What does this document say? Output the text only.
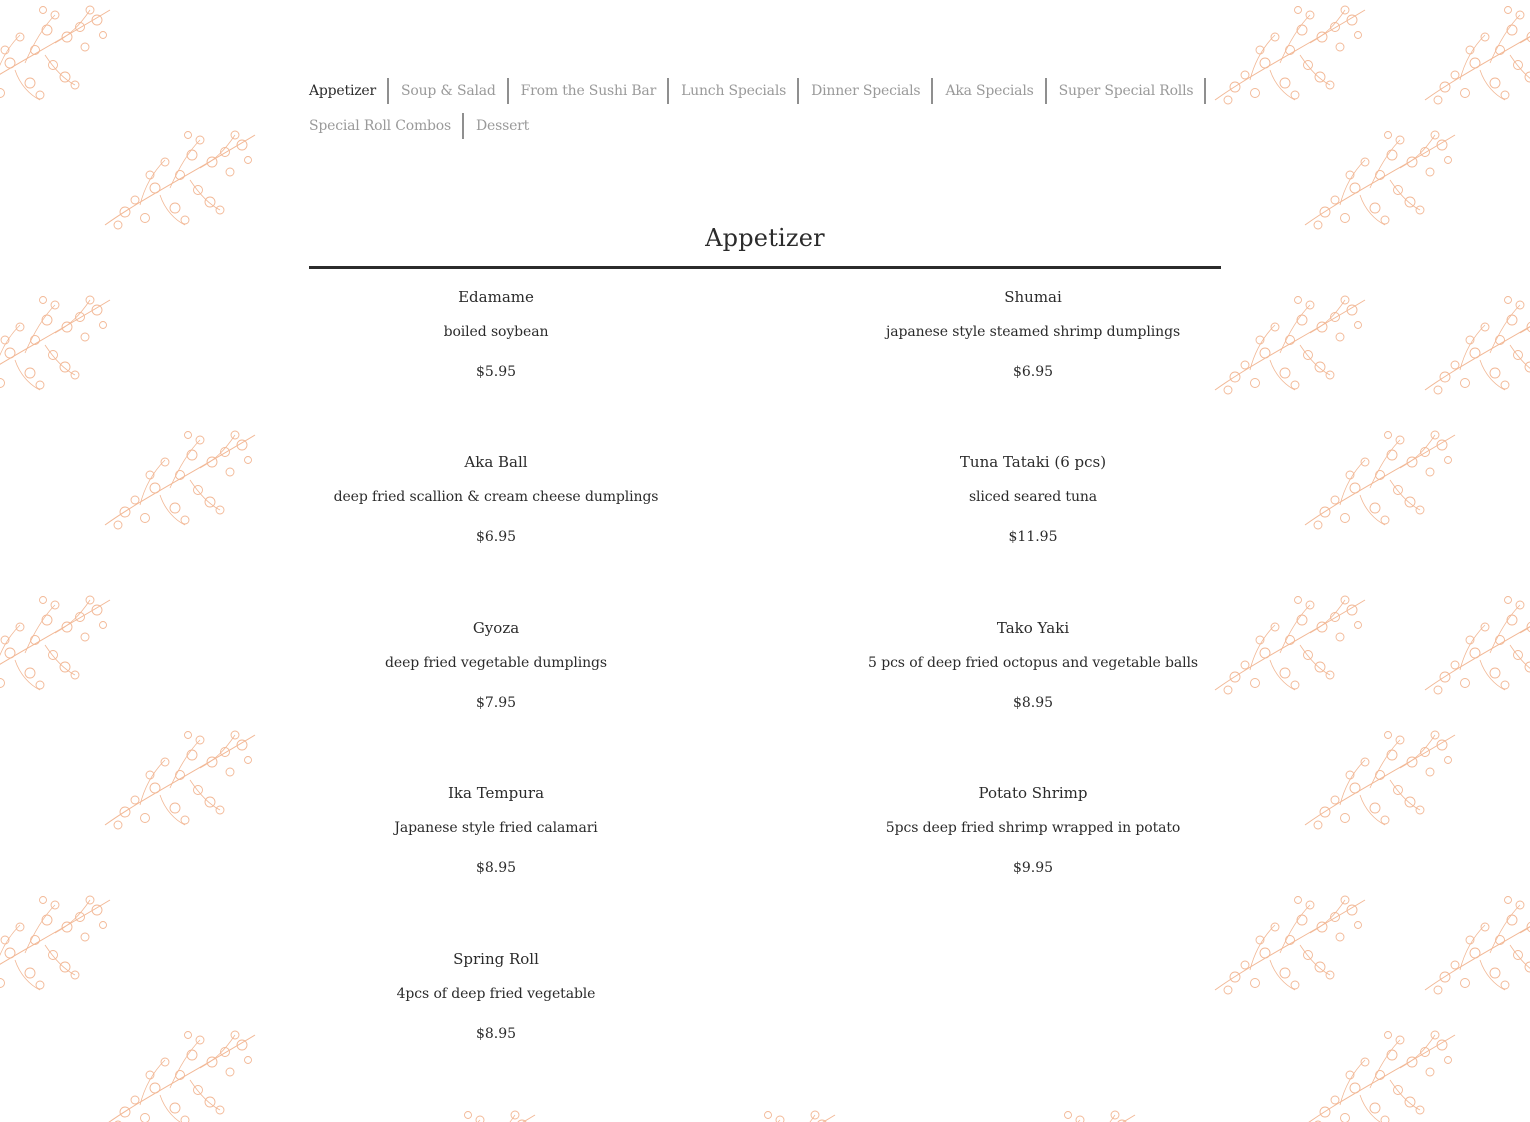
Appetizer	Soup & Salad	From the Sushi Bar	Lunch Specials	Dinner Specials	Aka Specials	Super Special Rolls
Special Roll Combos	Dessert
Appetizer
Edamame
boiled soybean
$5.95
Shumai
japanese style steamed shrimp dumplings
$6.95
Aka Ball
deep fried scallion & cream cheese dumplings
$6.95
Tuna Tataki (6 pcs)
sliced seared tuna
$11.95
Gyoza
deep fried vegetable dumplings
$7.95
Tako Yaki
5 pcs of deep fried octopus and vegetable balls
$8.95
Ika Tempura
Japanese style fried calamari
$8.95
Potato Shrimp
5pcs deep fried shrimp wrapped in potato
$9.95
Spring Roll
4pcs of deep fried vegetable
$8.95
